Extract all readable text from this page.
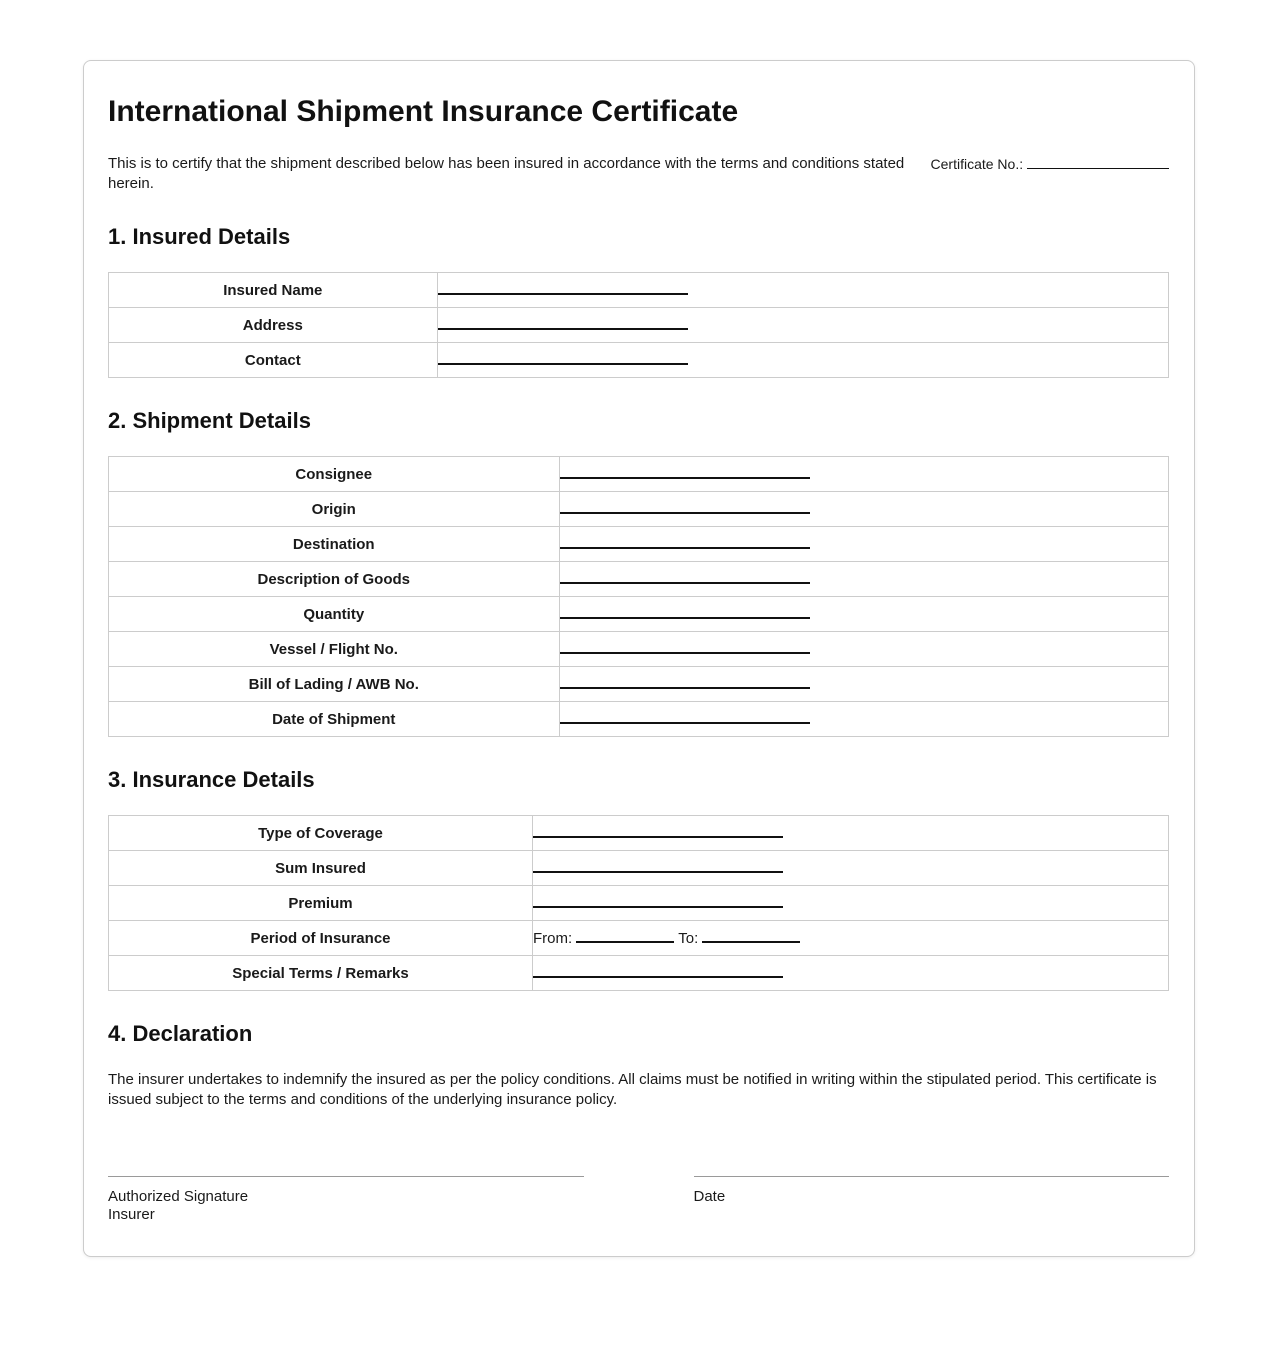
International Shipment Insurance Certificate

This is to certify that the shipment described below has been insured in accordance with the terms and conditions stated herein.

Certificate No.:
1. Insured Details
Insured Name	
Address	
Contact	
2. Shipment Details
Consignee	
Origin	
Destination	
Description of Goods	
Quantity	
Vessel / Flight No.	
Bill of Lading / AWB No.	
Date of Shipment	
3. Insurance Details
Type of Coverage	
Sum Insured	
Premium	
Period of Insurance	From: To:
Special Terms / Remarks	
4. Declaration

The insurer undertakes to indemnify the insured as per the policy conditions. All claims must be notified in writing within the stipulated period. This certificate is issued subject to the terms and conditions of the underlying insurance policy.

Authorized Signature
Insurer
Date
